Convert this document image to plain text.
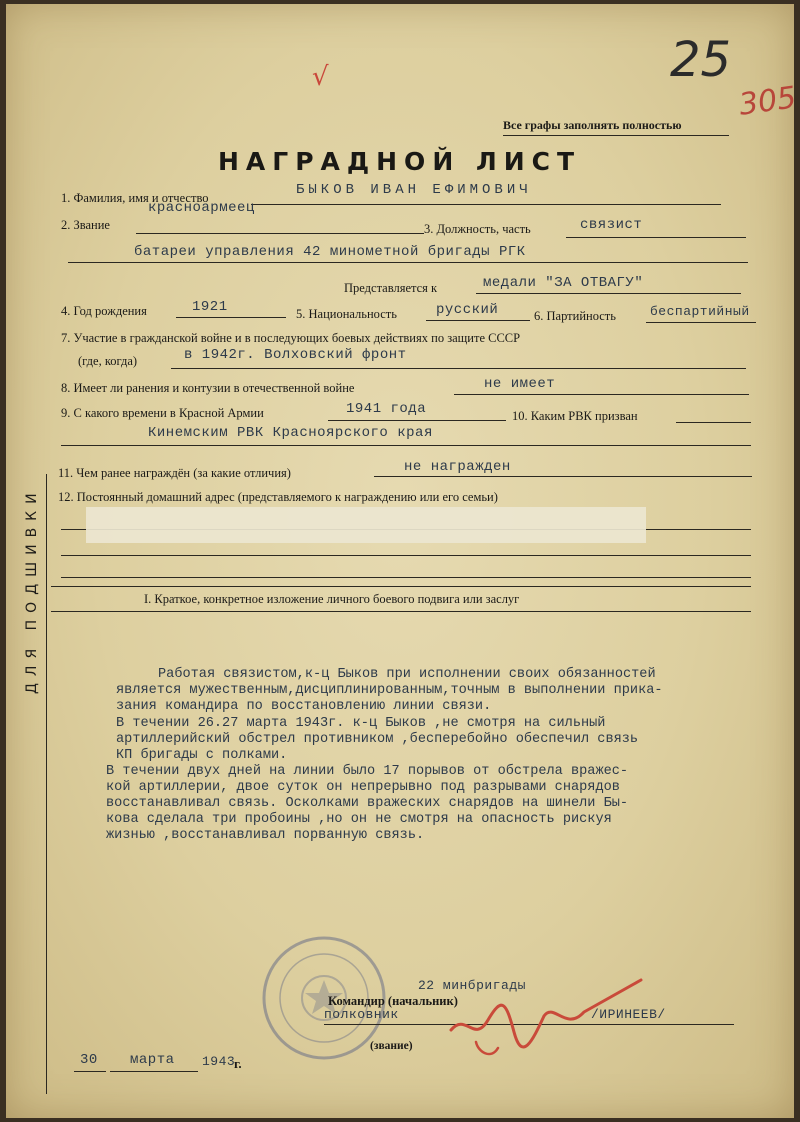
√	25
305
Все графы заполнять полностью
НАГРАДНОЙ ЛИСТ
ДЛЯ ПОДШИВКИ
1. Фамилия, имя и отчество	БЫКОВ ИВАН ЕФИМОВИЧ
красноармеец
2. Звание	3. Должность, часть	связист
батареи управления 42 минометной бригады РГК
Представляется к	медали "ЗА ОТВАГУ"
4. Год рождения	1921	5. Национальность	русский	6. Партийность	беспартийный
7. Участие в гражданской войне и в последующих боевых действиях по защите СССР
(где, когда)	в 1942г. Волховский фронт
8. Имеет ли ранения и контузии в отечественной войне	не имеет
9. С какого времени в Красной Армии	1941 года	10. Каким РВК призван
Кинемским РВК Красноярского края
11. Чем ранее награждён (за какие отличия)	не награжден
12. Постоянный домашний адрес (представляемого к награждению или его семьи)
I. Краткое, конкретное изложение личного боевого подвига или заслуг
Работая связистом,к-ц Быков при исполнении своих обязанностей
является мужественным,дисциплинированным,точным в выполнении прика-
зания командира по восстановлению линии связи.
В течении 26.27 марта 1943г. к-ц Быков ,не смотря на сильный
артиллерийский обстрел противником ,бесперебойно обеспечил связь
КП бригады с полками.
В течении двух дней на линии было 17 порывов от обстрела вражес-
кой артиллерии, двое суток он непрерывно под разрывами снарядов
восстанавливал связь. Осколками вражеских снарядов на шинели Бы-
кова сделала три пробоины ,но он не смотря на опасность рискуя
жизнью ,восстанавливал порванную связь.
22 минбригады
Командир (начальник)
полковник	/ИРИНЕЕВ/
(звание)
30 марта 1943
г.
